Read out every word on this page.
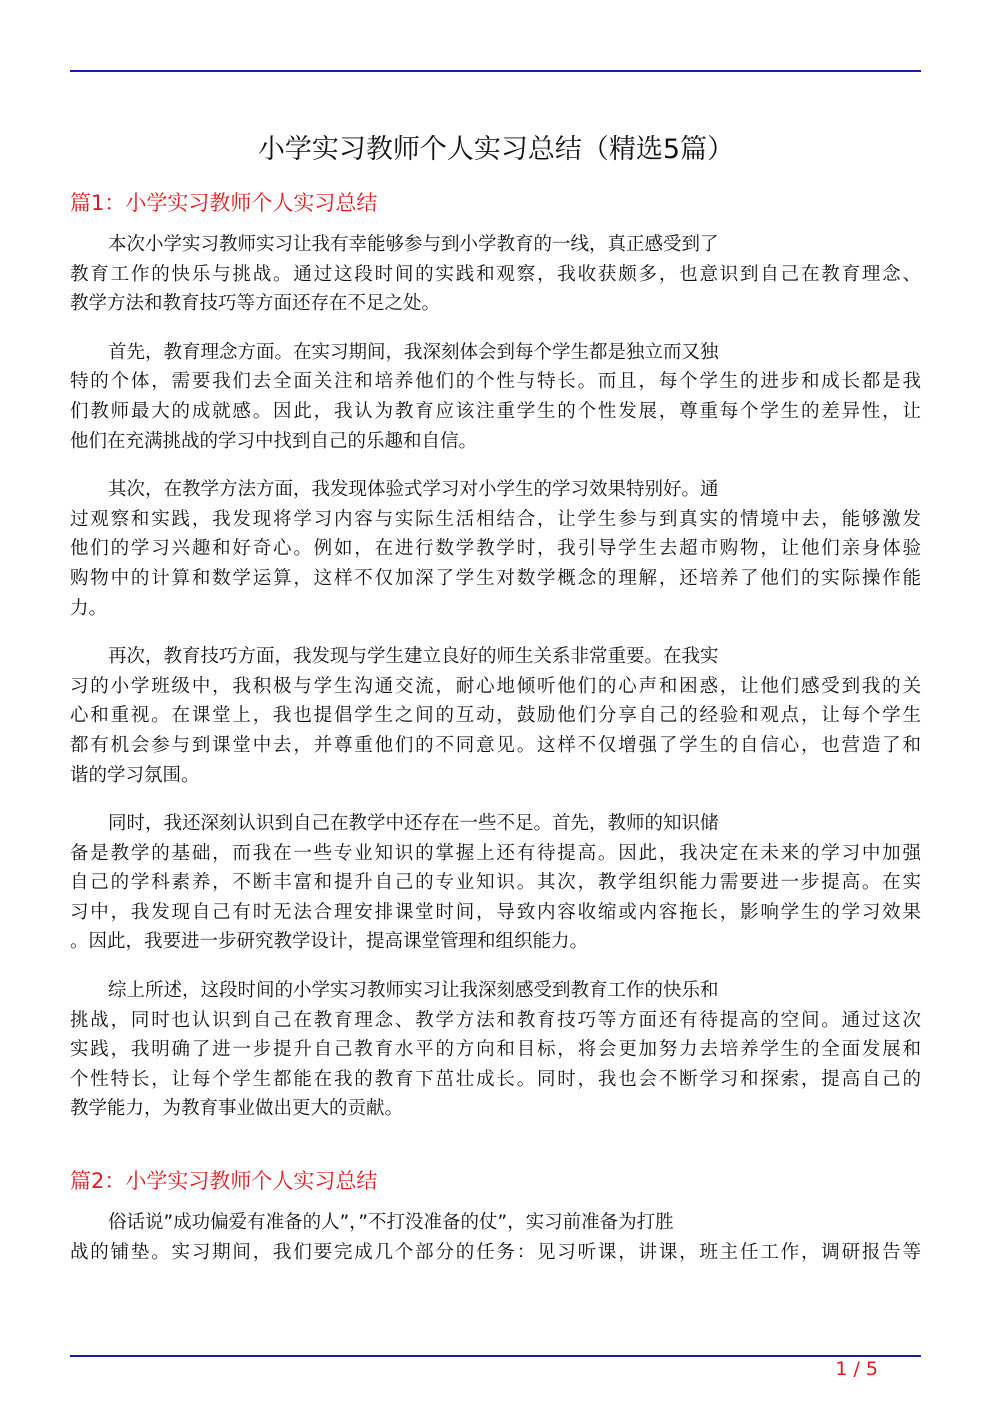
小学实习教师个人实习总结（精选5篇）
篇1：小学实习教师个人实习总结
本次小学实习教师实习让我有幸能够参与到小学教育的一线，真正感受到了
教育工作的快乐与挑战。通过这段时间的实践和观察，我收获颇多，也意识到自己在教育理念、
教学方法和教育技巧等方面还存在不足之处。
首先，教育理念方面。在实习期间，我深刻体会到每个学生都是独立而又独
特的个体，需要我们去全面关注和培养他们的个性与特长。而且，每个学生的进步和成长都是我
们教师最大的成就感。因此，我认为教育应该注重学生的个性发展，尊重每个学生的差异性，让
他们在充满挑战的学习中找到自己的乐趣和自信。
其次，在教学方法方面，我发现体验式学习对小学生的学习效果特别好。通
过观察和实践，我发现将学习内容与实际生活相结合，让学生参与到真实的情境中去，能够激发
他们的学习兴趣和好奇心。例如，在进行数学教学时，我引导学生去超市购物，让他们亲身体验
购物中的计算和数学运算，这样不仅加深了学生对数学概念的理解，还培养了他们的实际操作能
力。
再次，教育技巧方面，我发现与学生建立良好的师生关系非常重要。在我实
习的小学班级中，我积极与学生沟通交流，耐心地倾听他们的心声和困惑，让他们感受到我的关
心和重视。在课堂上，我也提倡学生之间的互动，鼓励他们分享自己的经验和观点，让每个学生
都有机会参与到课堂中去，并尊重他们的不同意见。这样不仅增强了学生的自信心，也营造了和
谐的学习氛围。
同时，我还深刻认识到自己在教学中还存在一些不足。首先，教师的知识储
备是教学的基础，而我在一些专业知识的掌握上还有待提高。因此，我决定在未来的学习中加强
自己的学科素养，不断丰富和提升自己的专业知识。其次，教学组织能力需要进一步提高。在实
习中，我发现自己有时无法合理安排课堂时间，导致内容收缩或内容拖长，影响学生的学习效果
。因此，我要进一步研究教学设计，提高课堂管理和组织能力。
综上所述，这段时间的小学实习教师实习让我深刻感受到教育工作的快乐和
挑战，同时也认识到自己在教育理念、教学方法和教育技巧等方面还有待提高的空间。通过这次
实践，我明确了进一步提升自己教育水平的方向和目标，将会更加努力去培养学生的全面发展和
个性特长，让每个学生都能在我的教育下茁壮成长。同时，我也会不断学习和探索，提高自己的
教学能力，为教育事业做出更大的贡献。
篇2：小学实习教师个人实习总结
俗话说”成功偏爱有准备的人”，”不打没准备的仗”，实习前准备为打胜
战的铺垫。实习期间，我们要完成几个部分的任务：见习听课，讲课，班主任工作，调研报告等
1 / 5
